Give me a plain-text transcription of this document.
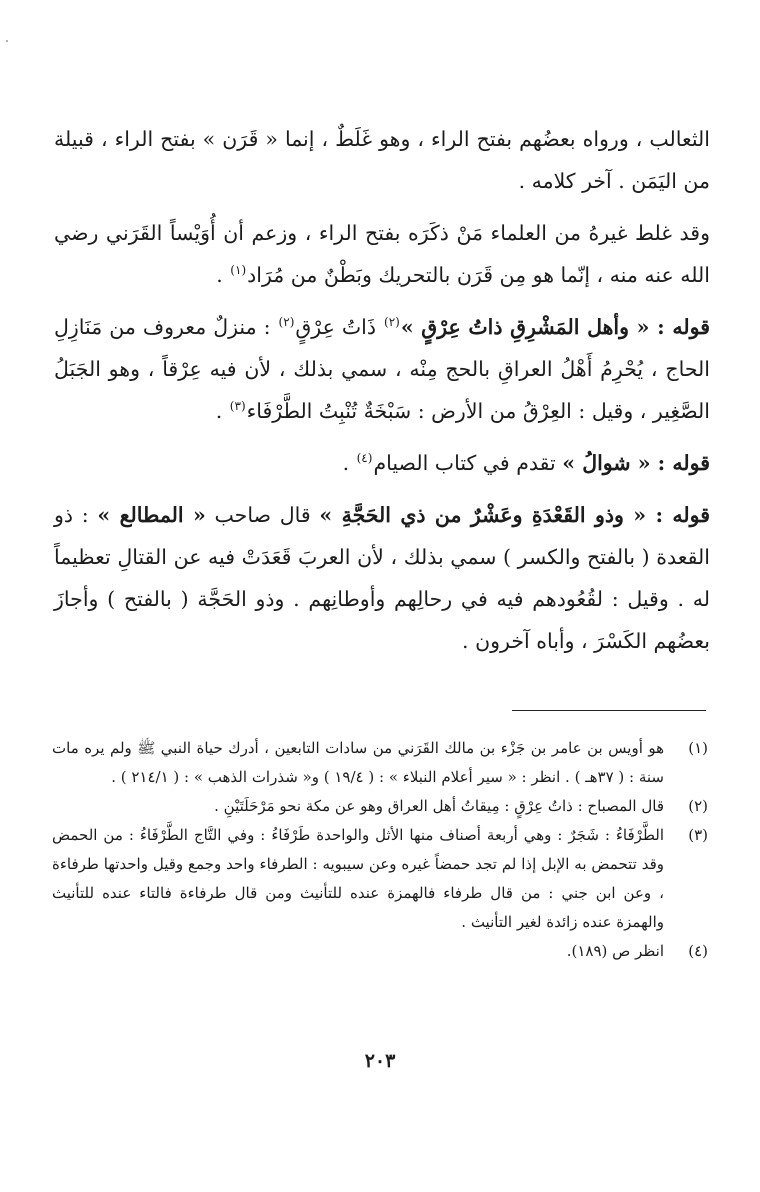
الثعالب ، ورواه بعضُهم بفتح الراء ، وهو غَلَطٌ ، إنما « قَرَن » بفتح الراء ، قبيلة من اليَمَن . آخر كلامه .

وقد غلط غيرهُ من العلماء مَنْ ذكَرَه بفتح الراء ، وزعم أن أُوَيْساً القَرَني رضي الله عنه منه ، إنّما هو مِن قَرَن بالتحريك وبَطْنٌ من مُرَاد$^{(١)}$ .

قوله : « وأهل المَشْرِقِ ذاتُ عِرْقٍ »$^{(٢)}$ ذَاتُ عِرْقٍ$^{(٢)}$ : منزلٌ معروف من مَنَازِلِ الحاج ، يُحْرِمُ أَهْلُ العراقِ بالحج مِنْه ، سمي بذلك ، لأن فيه عِرْقاً ، وهو الجَبَلُ الصَّغِير ، وقيل : العِرْقُ من الأرض : سَبْخَةٌ تُنْبِتُ الطَّرْفَاء$^{(٣)}$ .

قوله : « شوالُ » تقدم في كتاب الصيام$^{(٤)}$ .

قوله : « وذو القَعْدَةِ وعَشْرٌ من ذي الحَجَّةِ » قال صاحب « المطالع » : ذو القعدة ( بالفتح والكسر ) سمي بذلك ، لأن العربَ قَعَدَتْ فيه عن القتالِ تعظيماً له . وقيل : لقُعُودهم فيه في رحالِهم وأوطانِهم . وذو الحَجَّة ( بالفتح ) وأجازَ بعضُهم الكَسْرَ ، وأباه آخرون .

(١)
هو أويس بن عامر بن جَزْء بن مالك القَرَني من سادات التابعين ، أدرك حياة النبي ﷺ ولم يره مات سنة : ( ٣٧هـ ) . انظر : « سير أعلام النبلاء » : ( ١٩/٤ ) و« شذرات الذهب » : ( ٢١٤/١ ) .
(٢)
قال المصباح : ذاتُ عِرْقٍ : مِيقاتُ أهل العراق وهو عن مكة نحو مَرْحَلَتَيْنِ .
(٣)
الطَّرْفَاءُ : شَجَرٌ : وهي أربعة أصناف منها الأثل والواحدة طَرْفَاءُ : وفي التَّاج الطَّرْفَاءُ : من الحمض وقد تتحمض به الإبل إذا لم تجد حمضاً غيره وعن سيبويه : الطرفاء واحد وجمع وقيل واحدتها طرفاءة ، وعن ابن جني : من قال طرفاء فالهمزة عنده للتأنيث ومن قال طرفاءة فالتاء عنده للتأنيث والهمزة عنده زائدة لغير التأنيث .
(٤)
انظر ص (١٨٩).
٢٠٣
